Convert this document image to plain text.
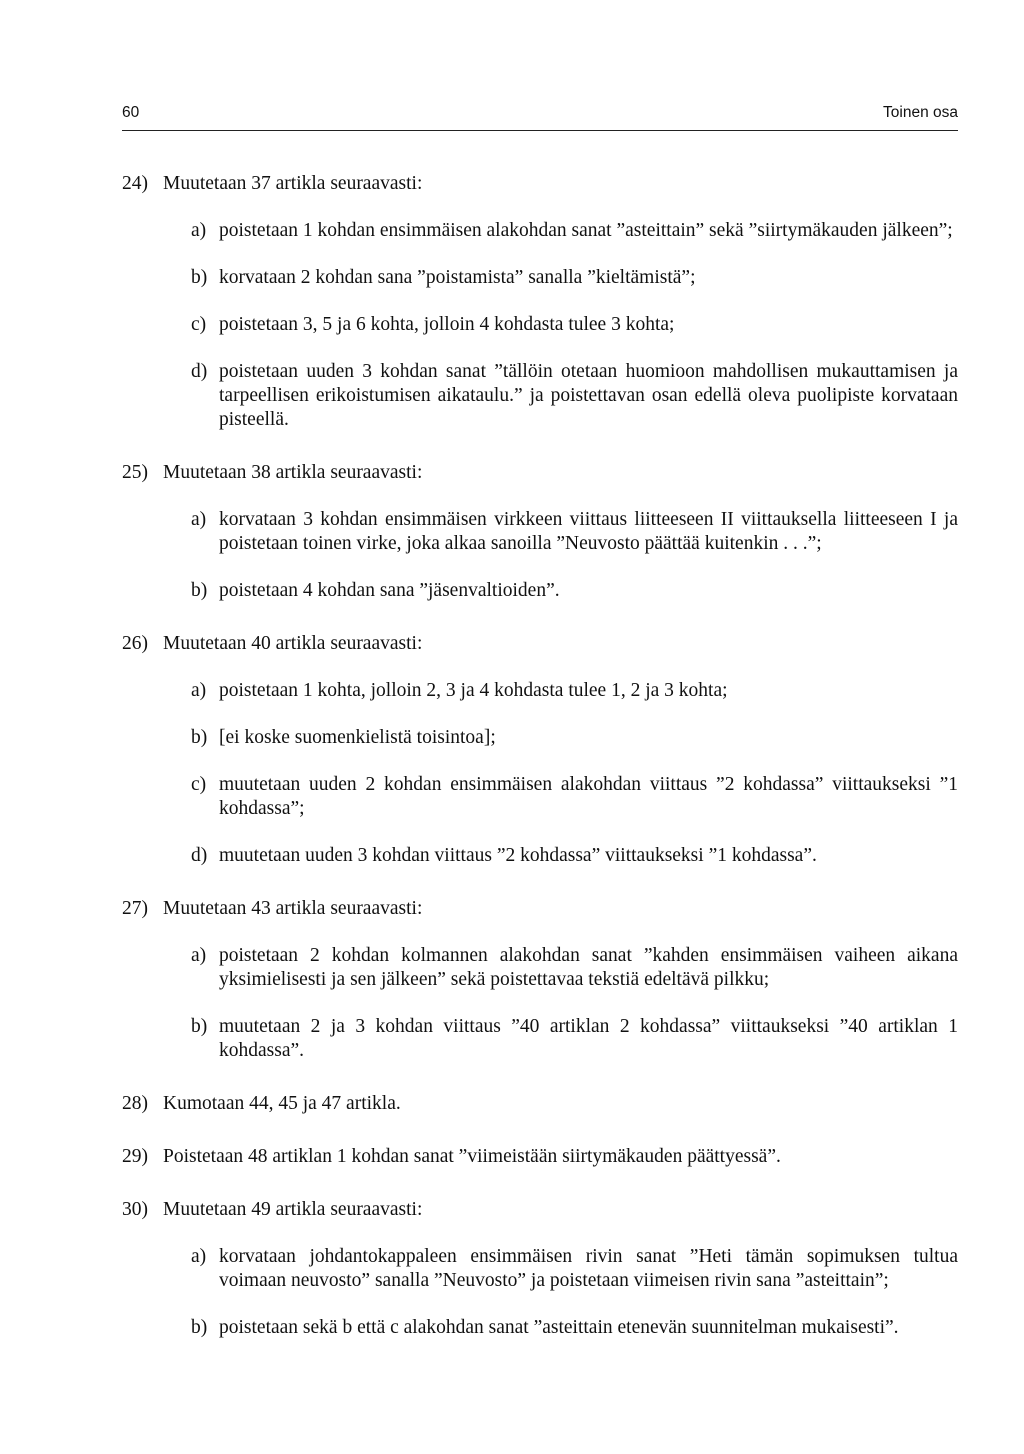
60	Toinen osa
24) Muutetaan 37 artikla seuraavasti:
a) poistetaan 1 kohdan ensimmäisen alakohdan sanat ”asteittain” sekä ”siirtymäkauden jälkeen”;
b) korvataan 2 kohdan sana ”poistamista” sanalla ”kieltämistä”;
c) poistetaan 3, 5 ja 6 kohta, jolloin 4 kohdasta tulee 3 kohta;
d) poistetaan uuden 3 kohdan sanat ”tällöin otetaan huomioon mahdollisen mukauttamisen ja tarpeellisen erikoistumisen aikataulu.” ja poistettavan osan edellä oleva puolipiste korvataan pisteellä.
25) Muutetaan 38 artikla seuraavasti:
a) korvataan 3 kohdan ensimmäisen virkkeen viittaus liitteeseen II viittauksella liitteeseen I ja poistetaan toinen virke, joka alkaa sanoilla ”Neuvosto päättää kuitenkin . . .”;
b) poistetaan 4 kohdan sana ”jäsenvaltioiden”.
26) Muutetaan 40 artikla seuraavasti:
a) poistetaan 1 kohta, jolloin 2, 3 ja 4 kohdasta tulee 1, 2 ja 3 kohta;
b) [ei koske suomenkielistä toisintoa];
c) muutetaan uuden 2 kohdan ensimmäisen alakohdan viittaus ”2 kohdassa” viittaukseksi ”1 kohdassa”;
d) muutetaan uuden 3 kohdan viittaus ”2 kohdassa” viittaukseksi ”1 kohdassa”.
27) Muutetaan 43 artikla seuraavasti:
a) poistetaan 2 kohdan kolmannen alakohdan sanat ”kahden ensimmäisen vaiheen aikana yksimielisesti ja sen jälkeen” sekä poistettavaa tekstiä edeltävä pilkku;
b) muutetaan 2 ja 3 kohdan viittaus ”40 artiklan 2 kohdassa” viittaukseksi ”40 artiklan 1 kohdassa”.
28) Kumotaan 44, 45 ja 47 artikla.
29) Poistetaan 48 artiklan 1 kohdan sanat ”viimeistään siirtymäkauden päättyessä”.
30) Muutetaan 49 artikla seuraavasti:
a) korvataan johdantokappaleen ensimmäisen rivin sanat ”Heti tämän sopimuksen tultua voimaan neuvosto” sanalla ”Neuvosto” ja poistetaan viimeisen rivin sana ”asteittain”;
b) poistetaan sekä b että c alakohdan sanat ”asteittain etenevän suunnitelman mukaisesti”.
